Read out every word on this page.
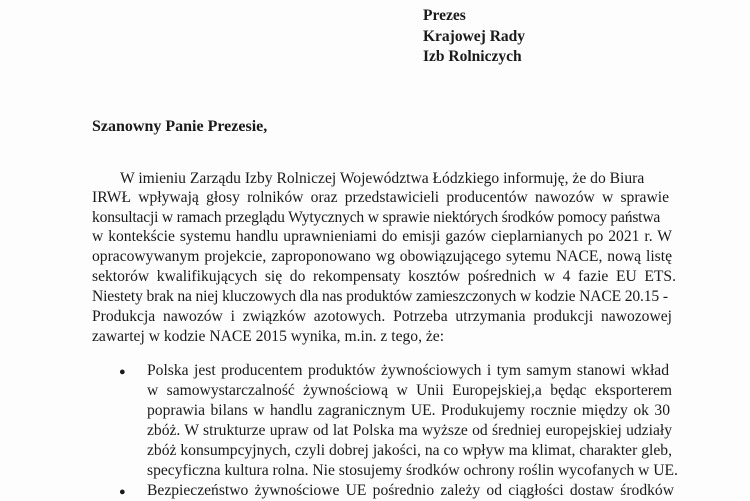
Prezes
Krajowej Rady
Izb Rolniczych
Szanowny Panie Prezesie,
W imieniu Zarządu Izby Rolniczej Województwa Łódzkiego informuję, że do Biura
IRWŁ wpływają głosy rolników oraz przedstawicieli producentów nawozów w sprawie
konsultacji w ramach przeglądu Wytycznych w sprawie niektórych środków pomocy państwa
w kontekście systemu handlu uprawnieniami do emisji gazów cieplarnianych po 2021 r. W
opracowywanym projekcie, zaproponowano wg obowiązującego sytemu NACE, nową listę
sektorów kwalifikujących się do rekompensaty kosztów pośrednich w 4 fazie EU ETS.
Niestety brak na niej kluczowych dla nas produktów zamieszczonych w kodzie NACE 20.15 -
Produkcja nawozów i związków azotowych. Potrzeba utrzymania produkcji nawozowej
zawartej w kodzie NACE 2015 wynika, m.in. z tego, że:
● Polska jest producentem produktów żywnościowych i tym samym stanowi wkład
w samowystarczalność żywnościową w Unii Europejskiej,a będąc eksporterem
poprawia bilans w handlu zagranicznym UE. Produkujemy rocznie między ok 30
zbóż. W strukturze upraw od lat Polska ma wyższe od średniej europejskiej udziały
zbóż konsumpcyjnych, czyli dobrej jakości, na co wpływ ma klimat, charakter gleb,
specyficzna kultura rolna. Nie stosujemy środków ochrony roślin wycofanych w UE.
● Bezpieczeństwo żywnościowe UE pośrednio zależy od ciągłości dostaw środków
